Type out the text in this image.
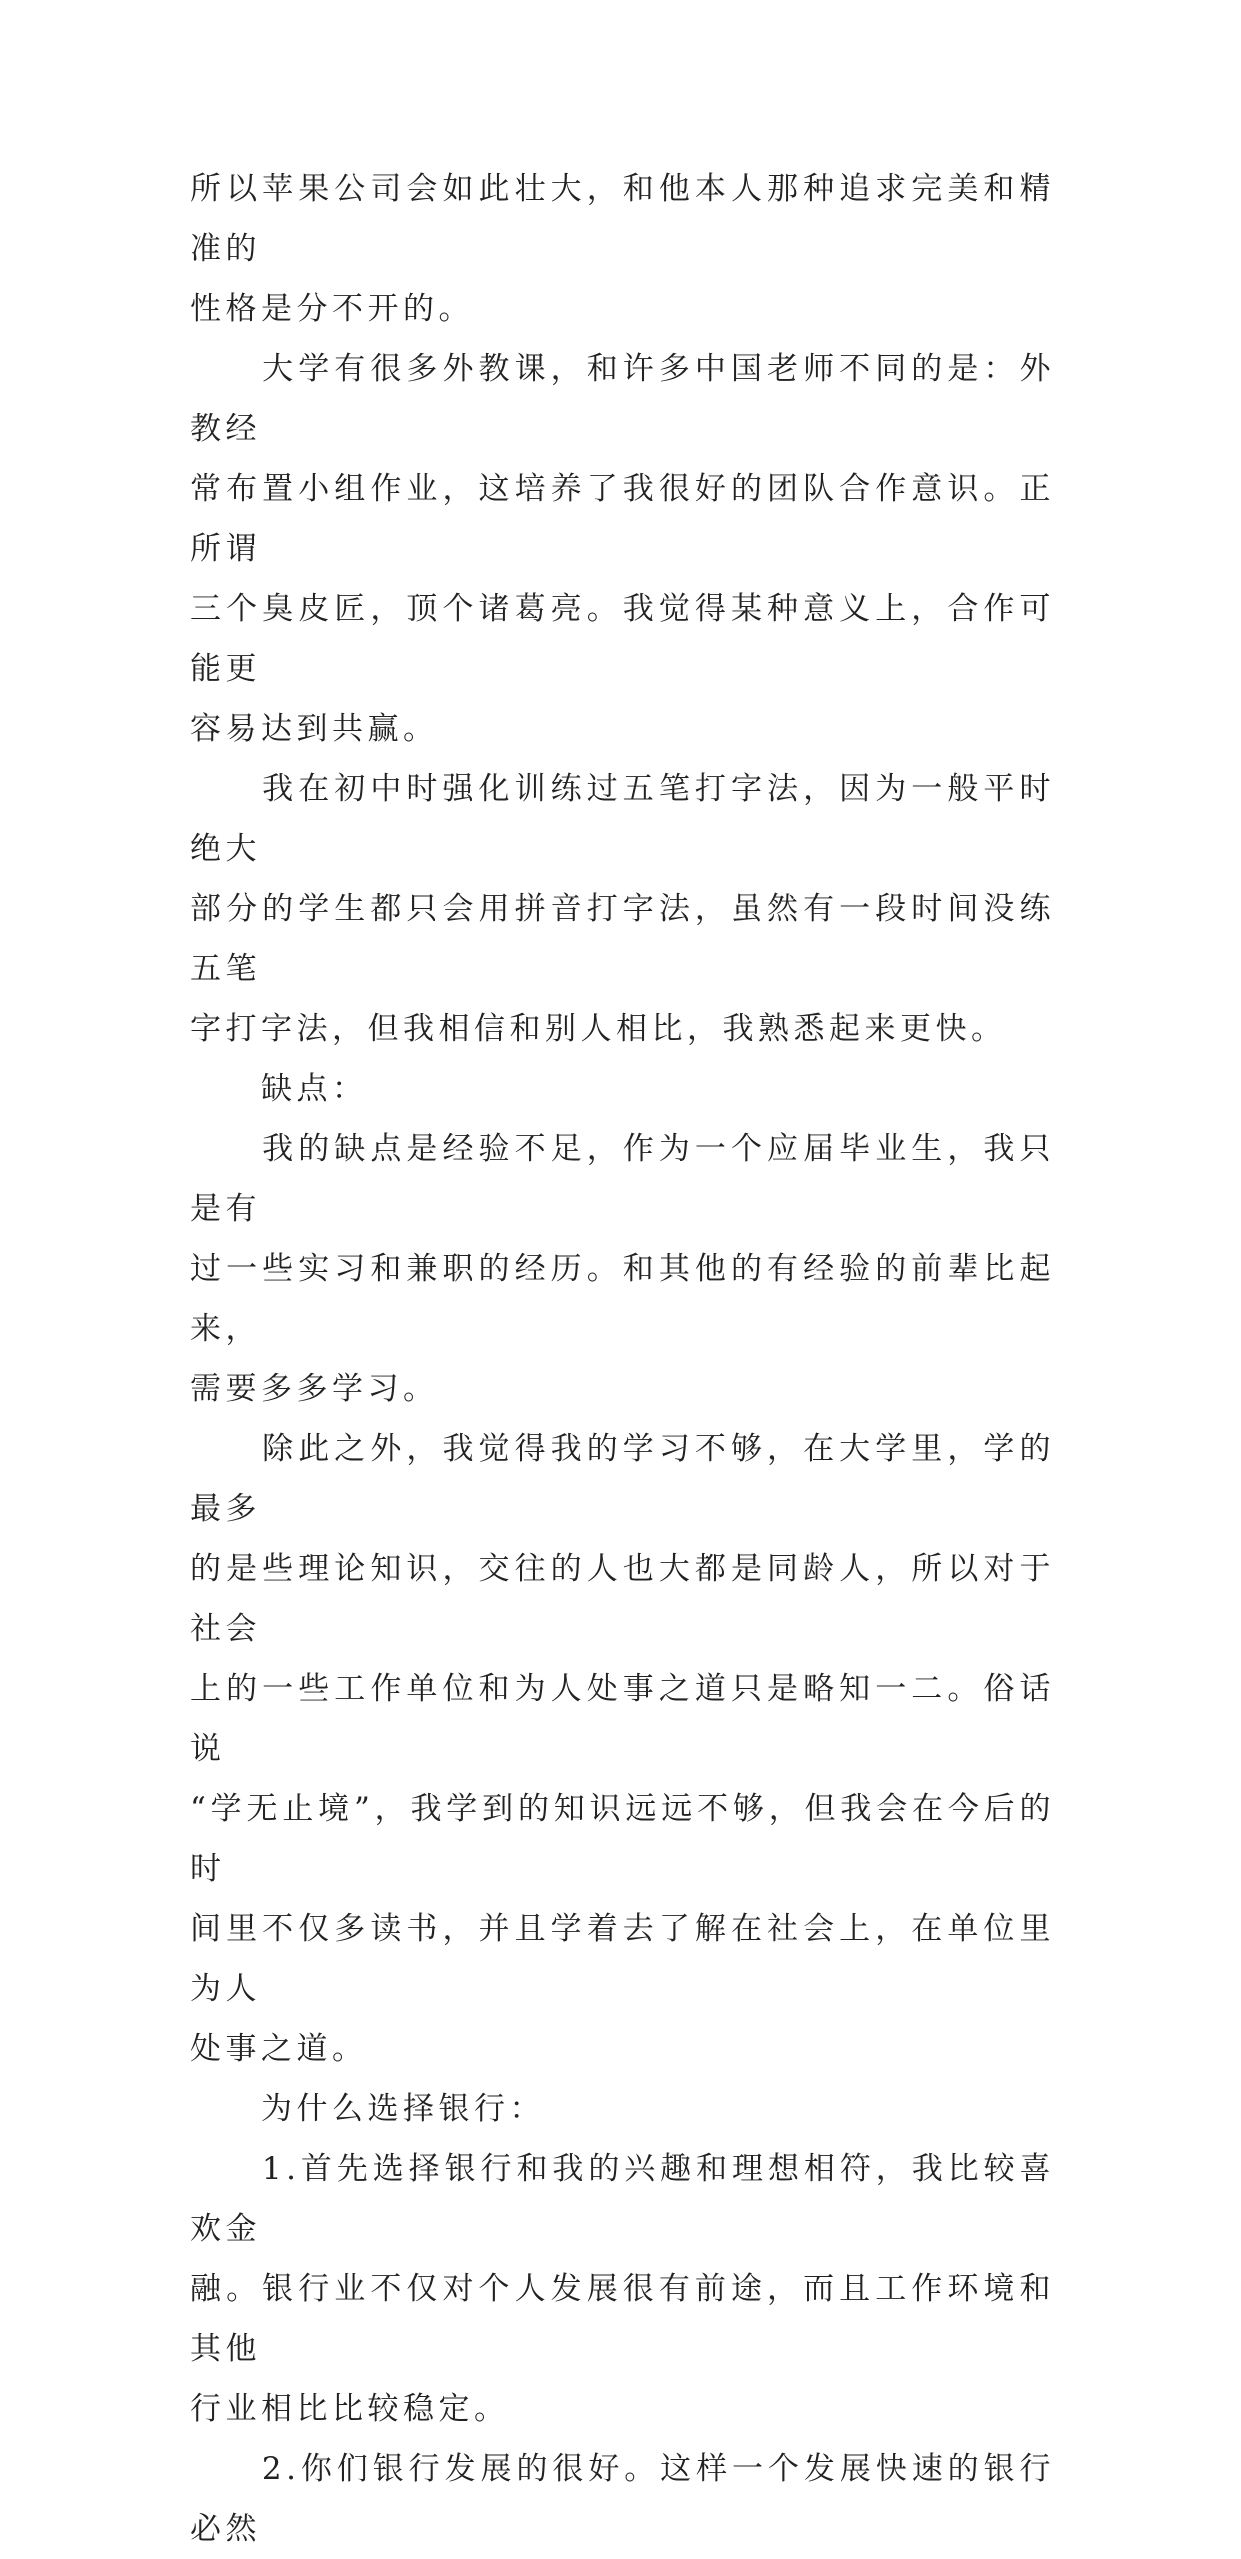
所以苹果公司会如此壮大，和他本人那种追求完美和精准的
性格是分不开的。

　　大学有很多外教课，和许多中国老师不同的是：外教经
常布置小组作业，这培养了我很好的团队合作意识。正所谓
三个臭皮匠，顶个诸葛亮。我觉得某种意义上，合作可能更
容易达到共赢。

　　我在初中时强化训练过五笔打字法，因为一般平时绝大
部分的学生都只会用拼音打字法，虽然有一段时间没练五笔
字打字法，但我相信和别人相比，我熟悉起来更快。

　　缺点：

　　我的缺点是经验不足，作为一个应届毕业生，我只是有
过一些实习和兼职的经历。和其他的有经验的前辈比起来，
需要多多学习。

　　除此之外，我觉得我的学习不够，在大学里，学的最多
的是些理论知识，交往的人也大都是同龄人，所以对于社会
上的一些工作单位和为人处事之道只是略知一二。俗话说
“学无止境”，我学到的知识远远不够，但我会在今后的时
间里不仅多读书，并且学着去了解在社会上，在单位里为人
处事之道。

　　为什么选择银行：

　　1.首先选择银行和我的兴趣和理想相符，我比较喜欢金
融。银行业不仅对个人发展很有前途，而且工作环境和其他
行业相比比较稳定。

　　2.你们银行发展的很好。这样一个发展快速的银行必然
